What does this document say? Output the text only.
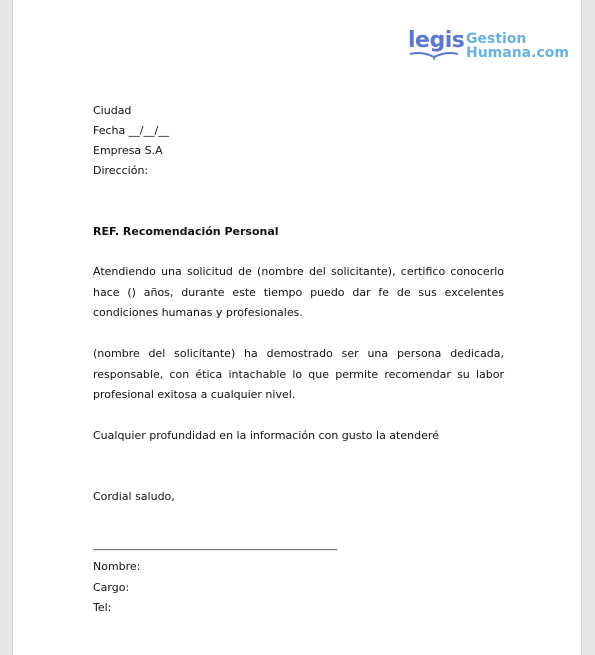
legis Gestion
Humana.com
Ciudad
Fecha __/__/__
Empresa S.A
Dirección:
REF. Recomendación Personal
Atendiendo una solicitud de (nombre del solicitante), certifico conocerlo hace () años, durante este tiempo puedo dar fe de sus excelentes condiciones humanas y profesionales.
(nombre del solicitante) ha demostrado ser una persona dedicada, responsable, con ética intachable lo que permite recomendar su labor profesional exitosa a cualquier nivel.
Cualquier profundidad en la información con gusto la atenderé
Cordial saludo,
_______________________________________________
Nombre:
Cargo:
Tel:
